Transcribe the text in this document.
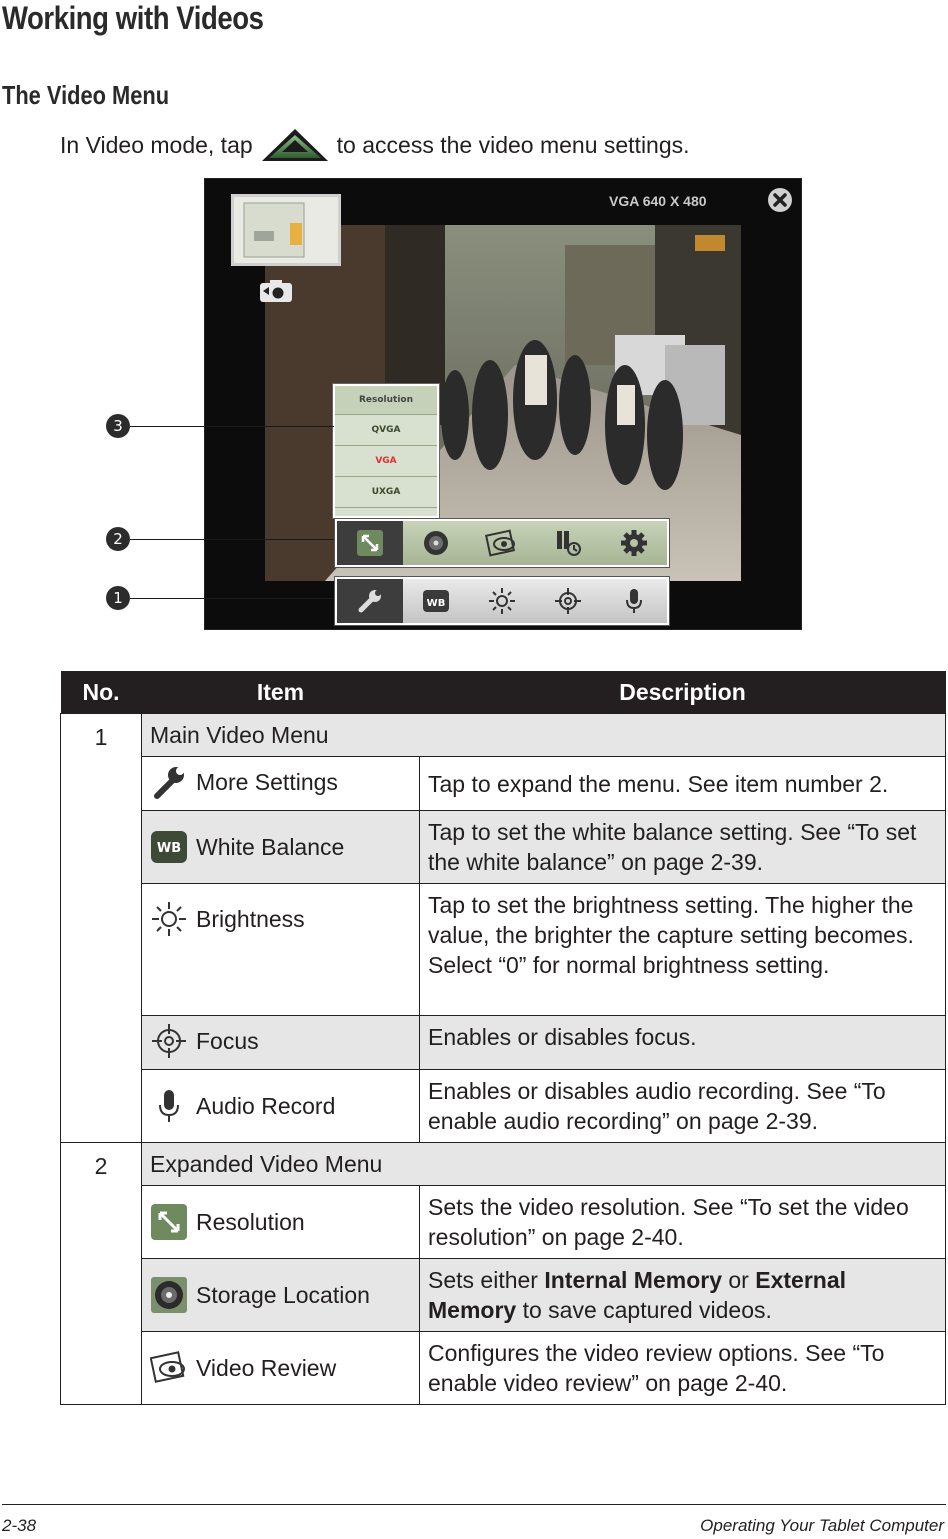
Working with Videos
The Video Menu
In Video mode, tap	to access the video menu settings.
VGA 640 X 480
Resolution
QVGA
VGA
UXGA
WB
3
2
1
No.	Item	Description
1	Main Video Menu	

	More Settings	Tap to expand the menu. See item number 2.

WB White Balance	Tap to set the white balance setting. See “To set the white balance” on page 2-39.

	Brightness	Tap to set the brightness setting. The higher the value, the brighter the capture setting becomes. Select “0” for normal brightness setting.

	Focus	Enables or disables focus.

	Audio Record	Enables or disables audio recording. See “To enable audio recording” on page 2-39.
2	Expanded Video Menu	

	Resolution	Sets the video resolution. See “To set the video resolution” on page 2-40.

	Storage Location	Sets either Internal Memory or External Memory to save captured videos.

	Video Review	Configures the video review options. See “To enable video review” on page 2-40.
2-38	Operating Your Tablet Computer
